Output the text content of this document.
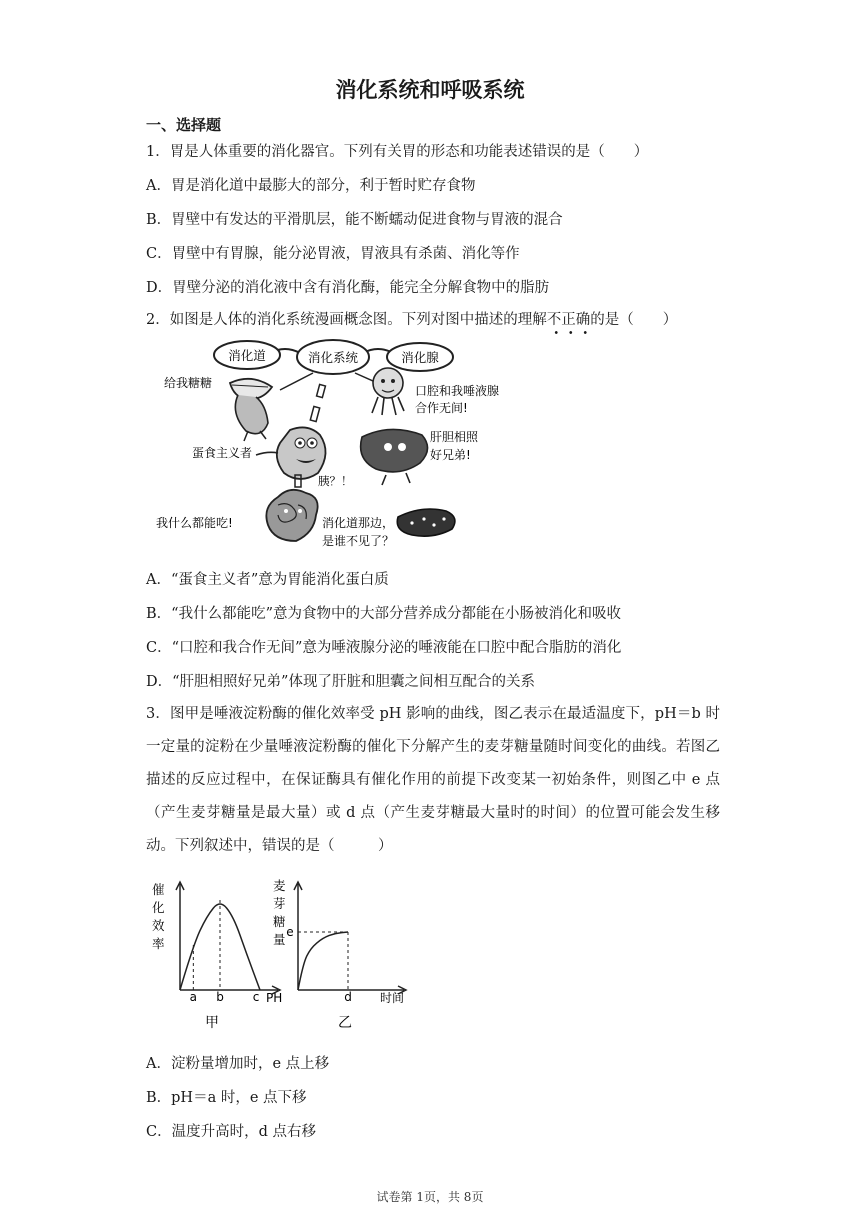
消化系统和呼吸系统
一、选择题
1．胃是人体重要的消化器官。下列有关胃的形态和功能表述错误的是（　　）
A．胃是消化道中最膨大的部分，利于暂时贮存食物
B．胃壁中有发达的平滑肌层，能不断蠕动促进食物与胃液的混合
C．胃壁中有胃腺，能分泌胃液，胃液具有杀菌、消化等作
D．胃壁分泌的消化液中含有消化酶，能完全分解食物中的脂肪
2．如图是人体的消化系统漫画概念图。下列对图中描述的理解不正确的是（　　）
消化道	消化系统	消化腺
给我糖糖
口腔和我唾液腺
合作无间!
蛋食主义者
胰？！
肝胆相照
好兄弟!
我什么都能吃!	消化道那边，
是谁不见了？
A．“蛋食主义者”意为胃能消化蛋白质
B．“我什么都能吃”意为食物中的大部分营养成分都能在小肠被消化和吸收
C．“口腔和我合作无间”意为唾液腺分泌的唾液能在口腔中配合脂肪的消化
D．“肝胆相照好兄弟”体现了肝脏和胆囊之间相互配合的关系
3．图甲是唾液淀粉酶的催化效率受 pH 影响的曲线，图乙表示在最适温度下，pH＝b 时一定量的淀粉在少量唾液淀粉酶的催化下分解产生的麦芽糖量随时间变化的曲线。若图乙描述的反应过程中，在保证酶具有催化作用的前提下改变某一初始条件，则图乙中 e 点（产生麦芽糖量是最大量）或 d 点（产生麦芽糖最大量时的时间）的位置可能会发生移动。下列叙述中，错误的是（　　　）
a b c PH
催
化
效
率
甲
d
e
时间
麦
芽
糖
量
乙
A．淀粉量增加时，e 点上移
B．pH＝a 时，e 点下移
C．温度升高时，d 点右移
试卷第 1页，共 8页
